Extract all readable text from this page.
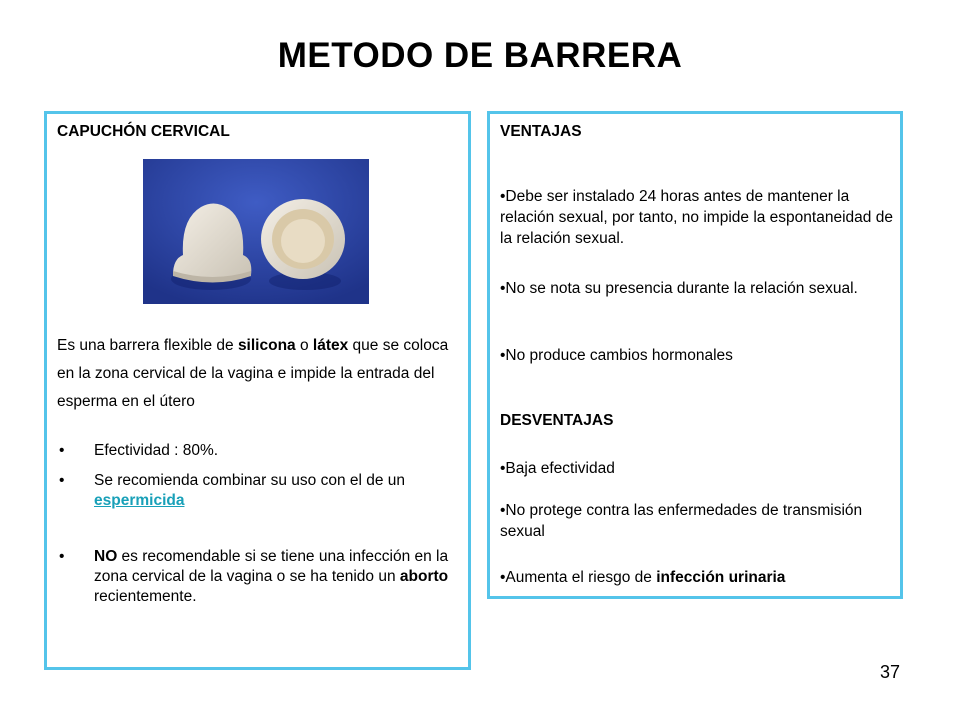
METODO DE BARRERA
CAPUCHÓN CERVICAL
Es una barrera flexible de silicona o látex que se coloca en la zona cervical de la vagina e impide la entrada del esperma en el útero
• Efectividad : 80%.
• Se recomienda combinar su uso con el de un espermicida
• NO es recomendable si se tiene una infección en la zona cervical de la vagina o se ha tenido un aborto recientemente.
VENTAJAS
•Debe ser instalado 24 horas antes de mantener la relación sexual, por tanto, no impide la espontaneidad de la relación sexual.
•No se nota su presencia durante la relación sexual.
•No produce cambios hormonales
DESVENTAJAS
•Baja efectividad
•No protege contra las enfermedades de transmisión sexual
•Aumenta el riesgo de infección urinaria
37
